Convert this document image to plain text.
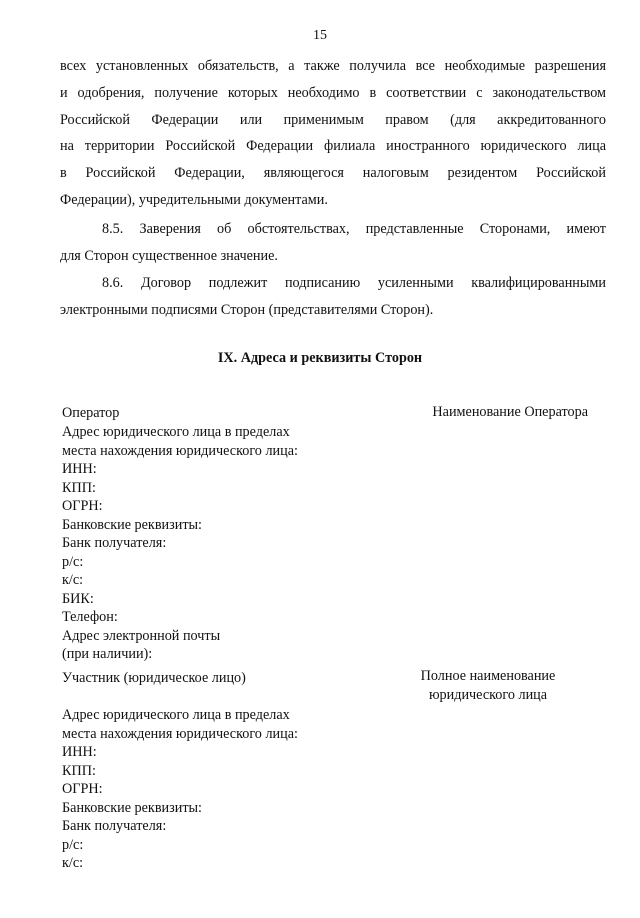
15
всех установленных обязательств, а также получила все необходимые разрешения
и одобрения, получение которых необходимо в соответствии с законодательством
Российской Федерации или применимым правом (для аккредитованного
на территории Российской Федерации филиала иностранного юридического лица
в Российской Федерации, являющегося налоговым резидентом Российской
Федерации), учредительными документами.
8.5. Заверения об обстоятельствах, представленные Сторонами, имеют
для Сторон существенное значение.
8.6. Договор подлежит подписанию усиленными квалифицированными
электронными подписями Сторон (представителями Сторон).
IX. Адреса и реквизиты Сторон
Оператор	Наименование Оператора
Адрес юридического лица в пределах
места нахождения юридического лица:
ИНН:
КПП:
ОГРН:
Банковские реквизиты:
Банк получателя:
р/с:
к/с:
БИК:
Телефон:
Адрес электронной почты
(при наличии):
Участник (юридическое лицо)	Полное наименование
юридического лица
Адрес юридического лица в пределах
места нахождения юридического лица:
ИНН:
КПП:
ОГРН:
Банковские реквизиты:
Банк получателя:
р/с:
к/с:
